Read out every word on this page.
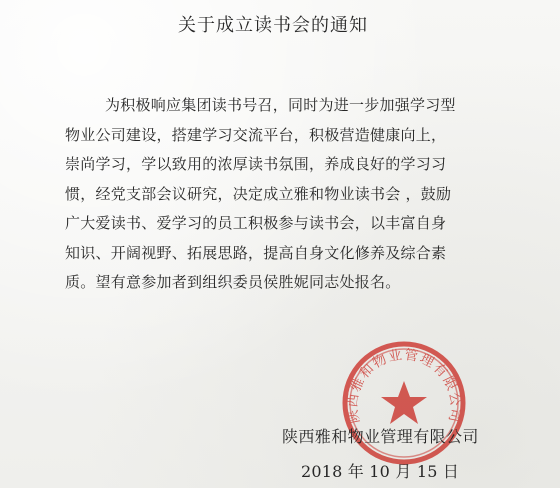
关于成立读书会的通知
为积极响应集团读书号召，同时为进一步加强学习型
物业公司建设，搭建学习交流平台，积极营造健康向上，
崇尚学习，学以致用的浓厚读书氛围，养成良好的学习习
惯，经党支部会议研究，决定成立雅和物业读书会 ，鼓励
广大爱读书、爱学习的员工积极参与读书会，以丰富自身
知识、开阔视野、拓展思路，提高自身文化修养及综合素
质。望有意参加者到组织委员侯胜妮同志处报名。
陕西雅和物业管理有限公司
陕西雅和物业管理有限公司
2018 年 10 月 15 日
